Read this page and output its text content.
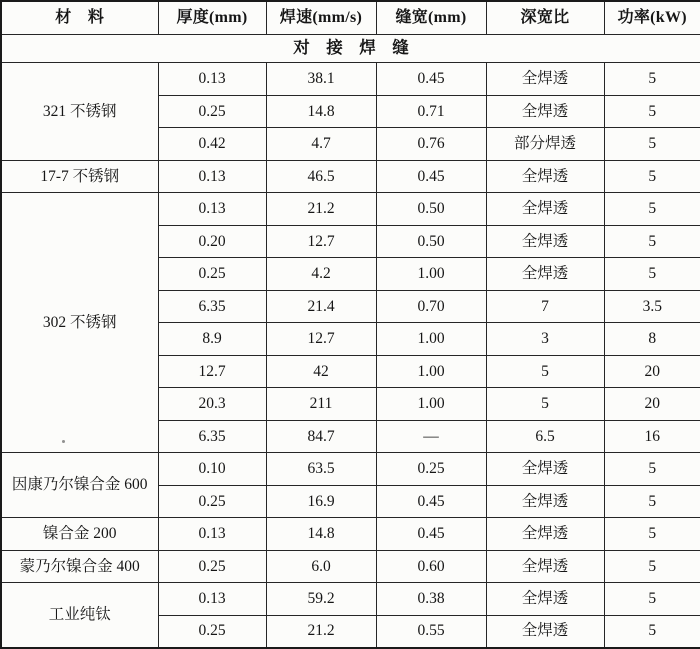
材　料	厚度(mm)	焊速(mm/s)	缝宽(mm)	深宽比	功率(kW)
对　接　焊　缝					
321 不锈钢	0.13	38.1	0.45	全焊透	5
	0.25	14.8	0.71	全焊透	5
	0.42	4.7	0.76	部分焊透	5
17-7 不锈钢	0.13	46.5	0.45	全焊透	5
302 不锈钢	0.13	21.2	0.50	全焊透	5
	0.20	12.7	0.50	全焊透	5
	0.25	4.2	1.00	全焊透	5
	6.35	21.4	0.70	7	3.5
	8.9	12.7	1.00	3	8
	12.7	42	1.00	5	20
	20.3	211	1.00	5	20
	6.35	84.7	—	6.5	16
因康乃尔镍合金 600	0.10	63.5	0.25	全焊透	5
	0.25	16.9	0.45	全焊透	5
镍合金 200	0.13	14.8	0.45	全焊透	5
蒙乃尔镍合金 400	0.25	6.0	0.60	全焊透	5
工业纯钛	0.13	59.2	0.38	全焊透	5
	0.25	21.2	0.55	全焊透	5
